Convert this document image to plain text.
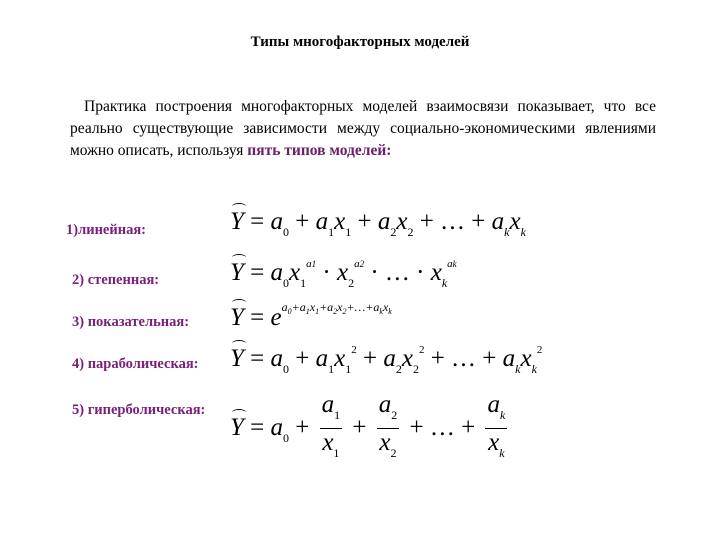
Типы многофакторных моделей
Практика построения многофакторных моделей взаимосвязи показывает, что все реально существующие зависимости между социально-экономическими явлениями можно описать, используя пять типов моделей:
1)линейная:	$Y = a_0 + a_1x_1 + a_2x_2$ + … + $a_kx_k$
2) степенная:	$Y = a_0x_1^{a1} \cdot x_2^{a2}$ · … · $x_k^{ak}$
3) показательная: $Y = e^{a_0+a_1x_1+a_2x_2+\dots+a_kx_k}$
4) параболическая: $Y = a_0 + a_1x_1^2 + a_2x_2^2$ + … + $a_kx_k^2$
5) гиперболическая:
$Y = a_0 + \frac{a_1}{x_1} + \frac{a_2}{x_2}$ + … + $\frac{a_k}{x_k}$
